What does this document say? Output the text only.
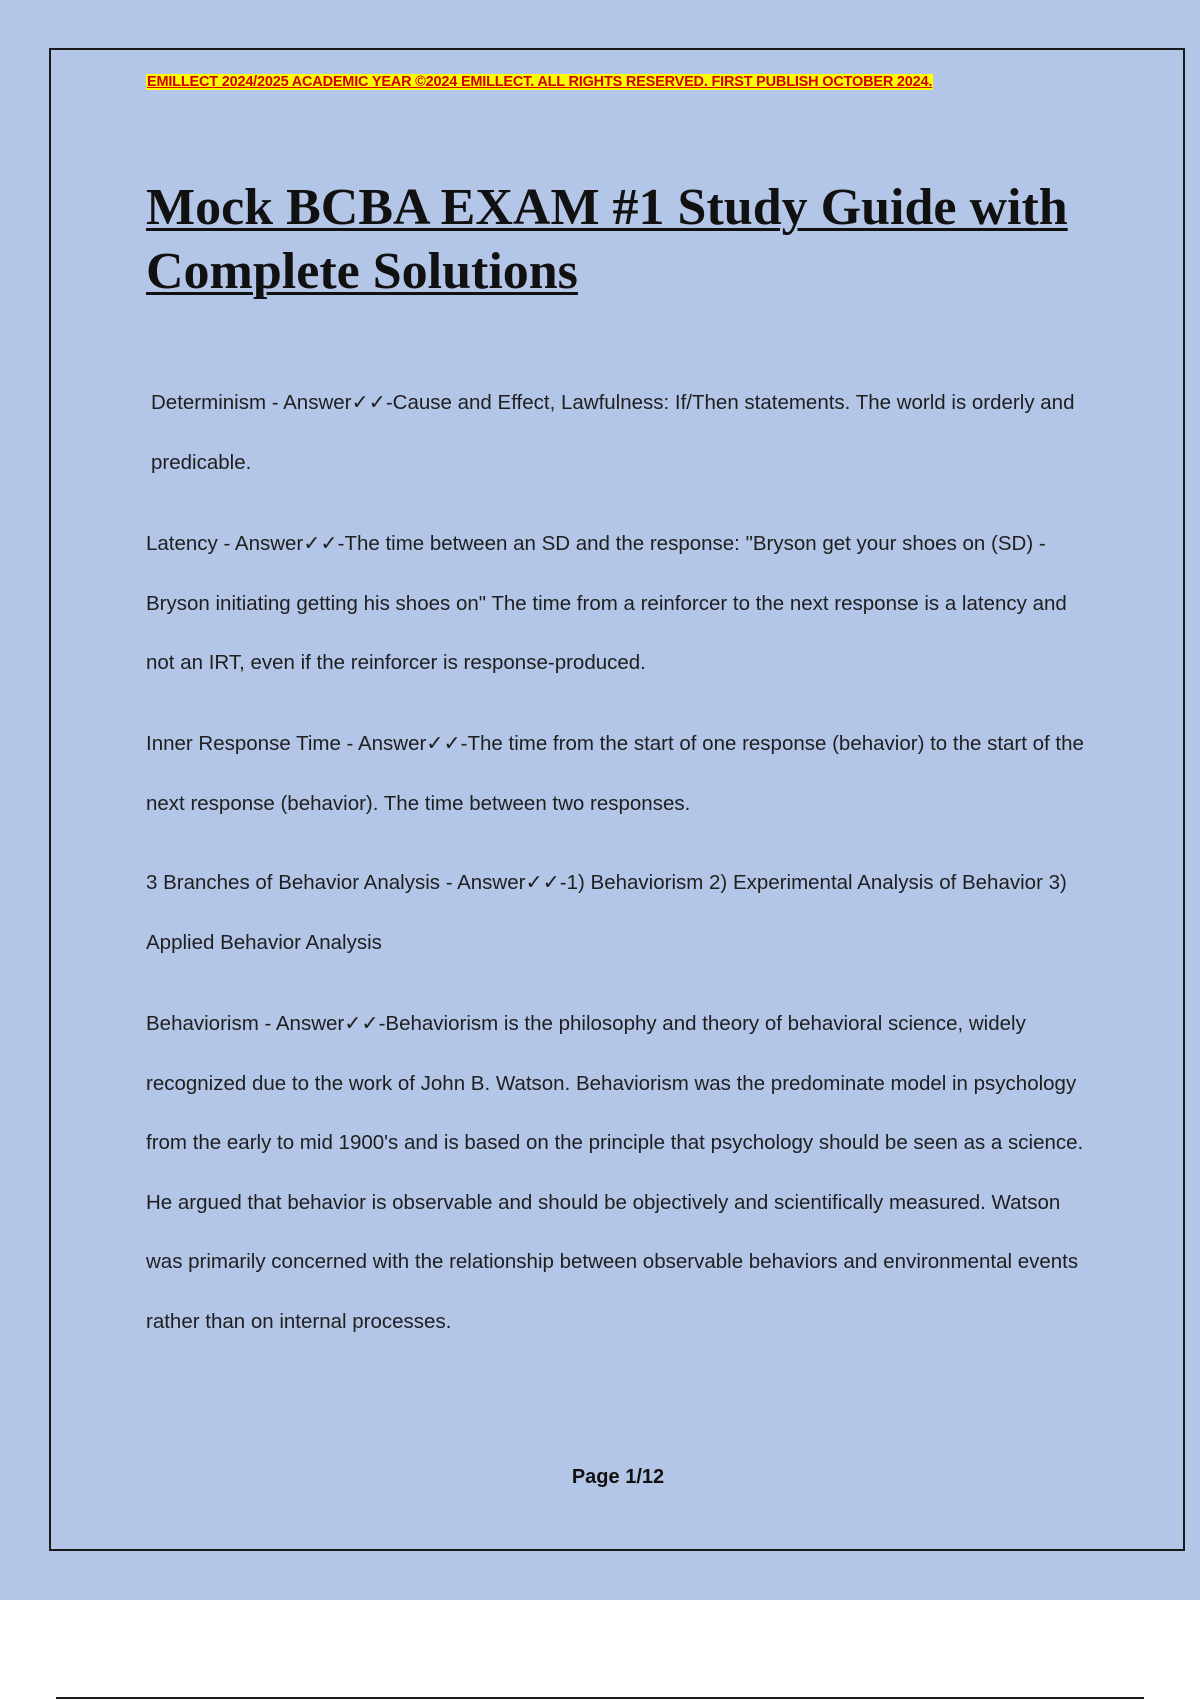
EMILLECT 2024/2025 ACADEMIC YEAR ©2024 EMILLECT. ALL RIGHTS RESERVED. FIRST PUBLISH OCTOBER 2024.
Mock BCBA EXAM #1 Study Guide with Complete Solutions

Determinism - Answer✓✓-Cause and Effect, Lawfulness: If/Then statements. The world is orderly and predicable.

Latency - Answer✓✓-The time between an SD and the response: "Bryson get your shoes on (SD) - Bryson initiating getting his shoes on" The time from a reinforcer to the next response is a latency and not an IRT, even if the reinforcer is response-produced.

Inner Response Time - Answer✓✓-The time from the start of one response (behavior) to the start of the next response (behavior). The time between two responses.

3 Branches of Behavior Analysis - Answer✓✓-1) Behaviorism 2) Experimental Analysis of Behavior 3) Applied Behavior Analysis

Behaviorism - Answer✓✓-Behaviorism is the philosophy and theory of behavioral science, widely recognized due to the work of John B. Watson. Behaviorism was the predominate model in psychology from the early to mid 1900's and is based on the principle that psychology should be seen as a science. He argued that behavior is observable and should be objectively and scientifically measured. Watson was primarily concerned with the relationship between observable behaviors and environmental events rather than on internal processes.

Page 1/12
